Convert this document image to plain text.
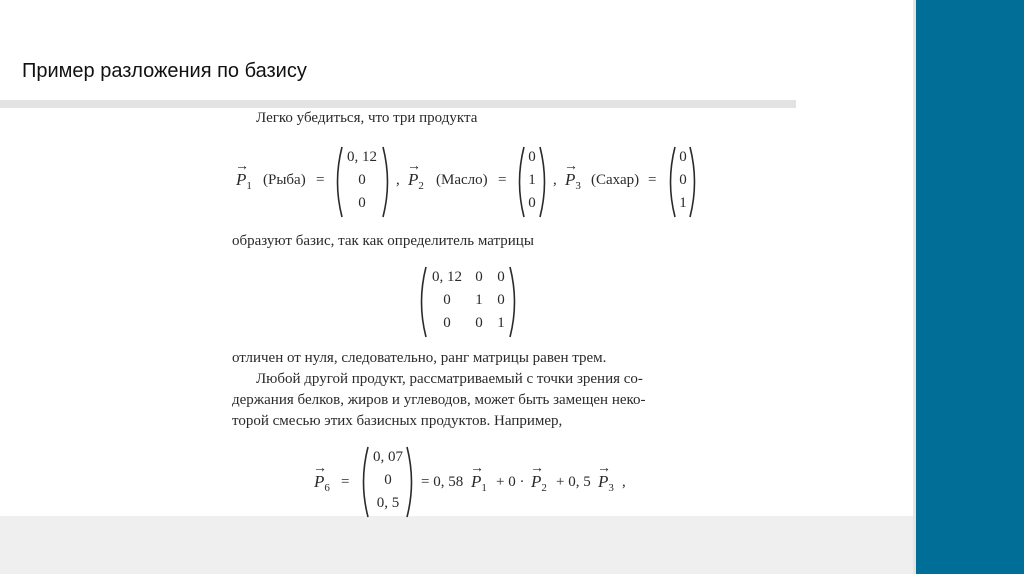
Пример разложения по базису
Легко убедиться, что три продукта
→
$P_1$ (Рыба) =
0, 12
0
0
,
→
$P_2$ (Масло) =
0
1
0
,
→
$P_3$ (Сахар) =
0
0
1
образуют базис, так как определитель матрицы
0, 12 0 0
0	1 0
0	0 1
отличен от нуля, следовательно, ранг матрицы равен трем.
Любой другой продукт, рассматриваемый с точки зрения со-
держания белков, жиров и углеводов, может быть замещен неко-
торой смесью этих базисных продуктов. Например,
→
$P_6$ =
0, 07
0
0, 5
= 0, 58
→
$P_1 + 0$ ·
→
$P_2 + 0$, 5
→
$P_3$ ,
